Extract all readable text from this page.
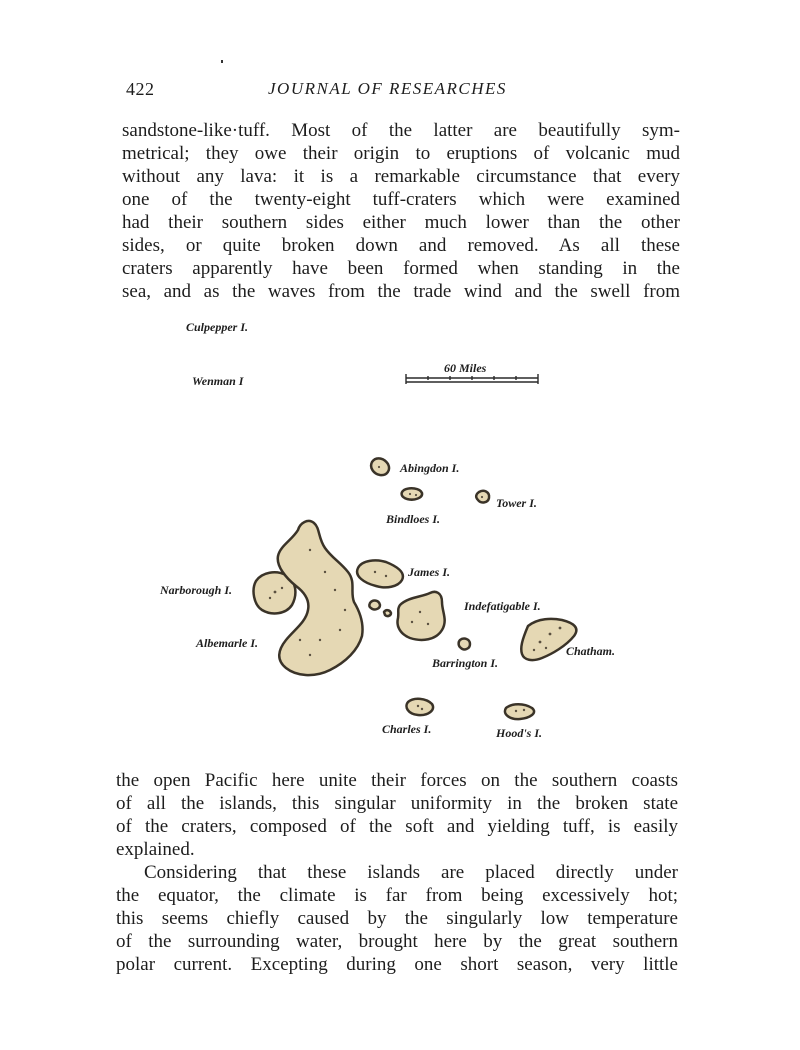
422	JOURNAL OF RESEARCHES
sandstone-like·tuff. Most of the latter are beautifully sym-
metrical; they owe their origin to eruptions of volcanic mud
without any lava: it is a remarkable circumstance that every
one of the twenty-eight tuff-craters which were examined
had their southern sides either much lower than the other
sides, or quite broken down and removed. As all these
craters apparently have been formed when standing in the
sea, and as the waves from the trade wind and the swell from
60 Miles
Culpepper I.
Wenman I
Abingdon I.
Tower I.
Bindloes I.
James I.
Narborough I.
Indefatigable I.
Albemarle I.
Chatham.
Barrington I.
Charles I.	Hood's I.
the open Pacific here unite their forces on the southern coasts
of all the islands, this singular uniformity in the broken state
of the craters, composed of the soft and yielding tuff, is easily
explained.
Considering that these islands are placed directly under
the equator, the climate is far from being excessively hot;
this seems chiefly caused by the singularly low temperature
of the surrounding water, brought here by the great southern
polar current. Excepting during one short season, very little
